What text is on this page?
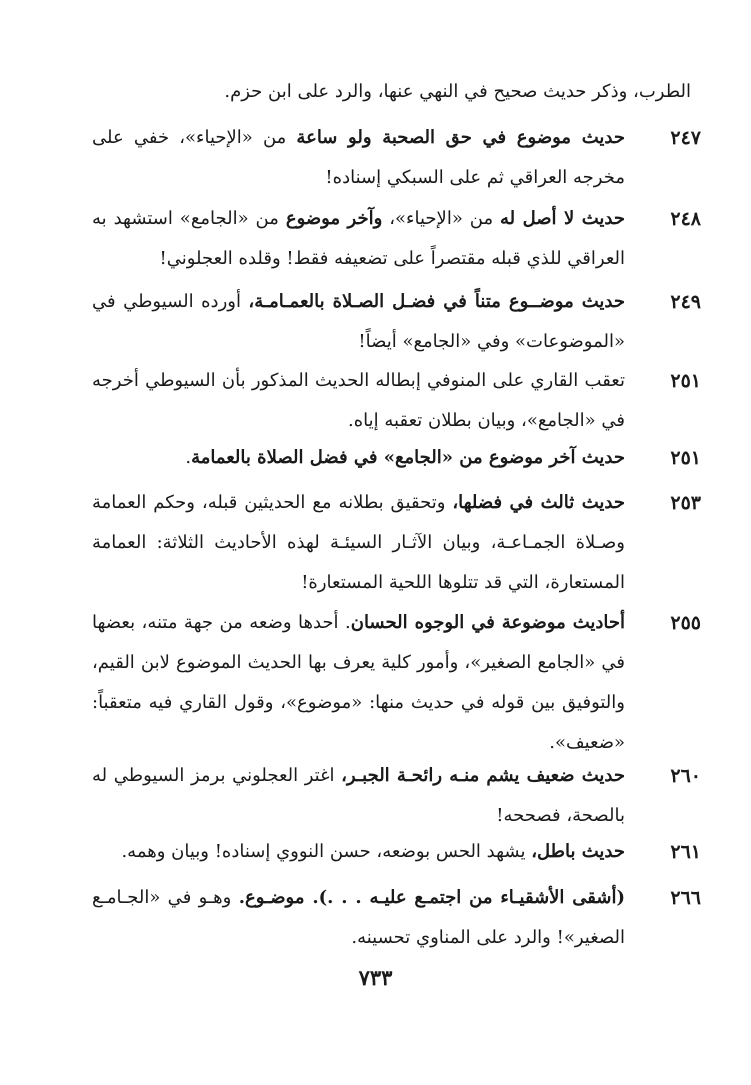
الطرب، وذكر حديث صحيح في النهي عنها، والرد على ابن حزم.
٢٤٧
حديث موضوع في حق الصحبة ولو ساعة من «الإحياء»، خفي على مخرجه العراقي ثم على السبكي إسناده!
٢٤٨
حديث لا أصل له من «الإحياء»، وآخر موضوع من «الجامع» استشهد به العراقي للذي قبله مقتصراً على تضعيفه فقط! وقلده العجلوني!
٢٤٩
حديث موضــوع متناً في فضـل الصـلاة بالعمـامـة، أورده السيوطي في «الموضوعات» وفي «الجامع» أيضاً!
٢٥١
تعقب القاري على المنوفي إبطاله الحديث المذكور بأن السيوطي أخرجه في «الجامع»، وبيان بطلان تعقبه إياه.
٢٥١
حديث آخر موضوع من «الجامع» في فضل الصلاة بالعمامة.
٢٥٣
حديث ثالث في فضلها، وتحقيق بطلانه مع الحديثين قبله، وحكم العمامة وصـلاة الجمـاعـة، وبيان الآثـار السيئـة لهذه الأحاديث الثلاثة: العمامة المستعارة، التي قد تتلوها اللحية المستعارة!
٢٥٥
أحاديث موضوعة في الوجوه الحسان. أحدها وضعه من جهة متنه، بعضها في «الجامع الصغير»، وأمور كلية يعرف بها الحديث الموضوع لابن القيم، والتوفيق بين قوله في حديث منها: «موضوع»، وقول القاري فيه متعقباً: «ضعيف».
٢٦٠
حديث ضعيف يشم منـه رائحـة الجبـر، اغتر العجلوني برمز السيوطي له بالصحة، فصححه!
٢٦١
حديث باطل، يشهد الحس بوضعه، حسن النووي إسناده! وبيان وهمه.
٢٦٦
(أشقى الأشقيـاء من اجتمـع عليـه . . .). موضـوع. وهـو في «الجـامـع الصغير»! والرد على المناوي تحسينه.
٧٣٣
